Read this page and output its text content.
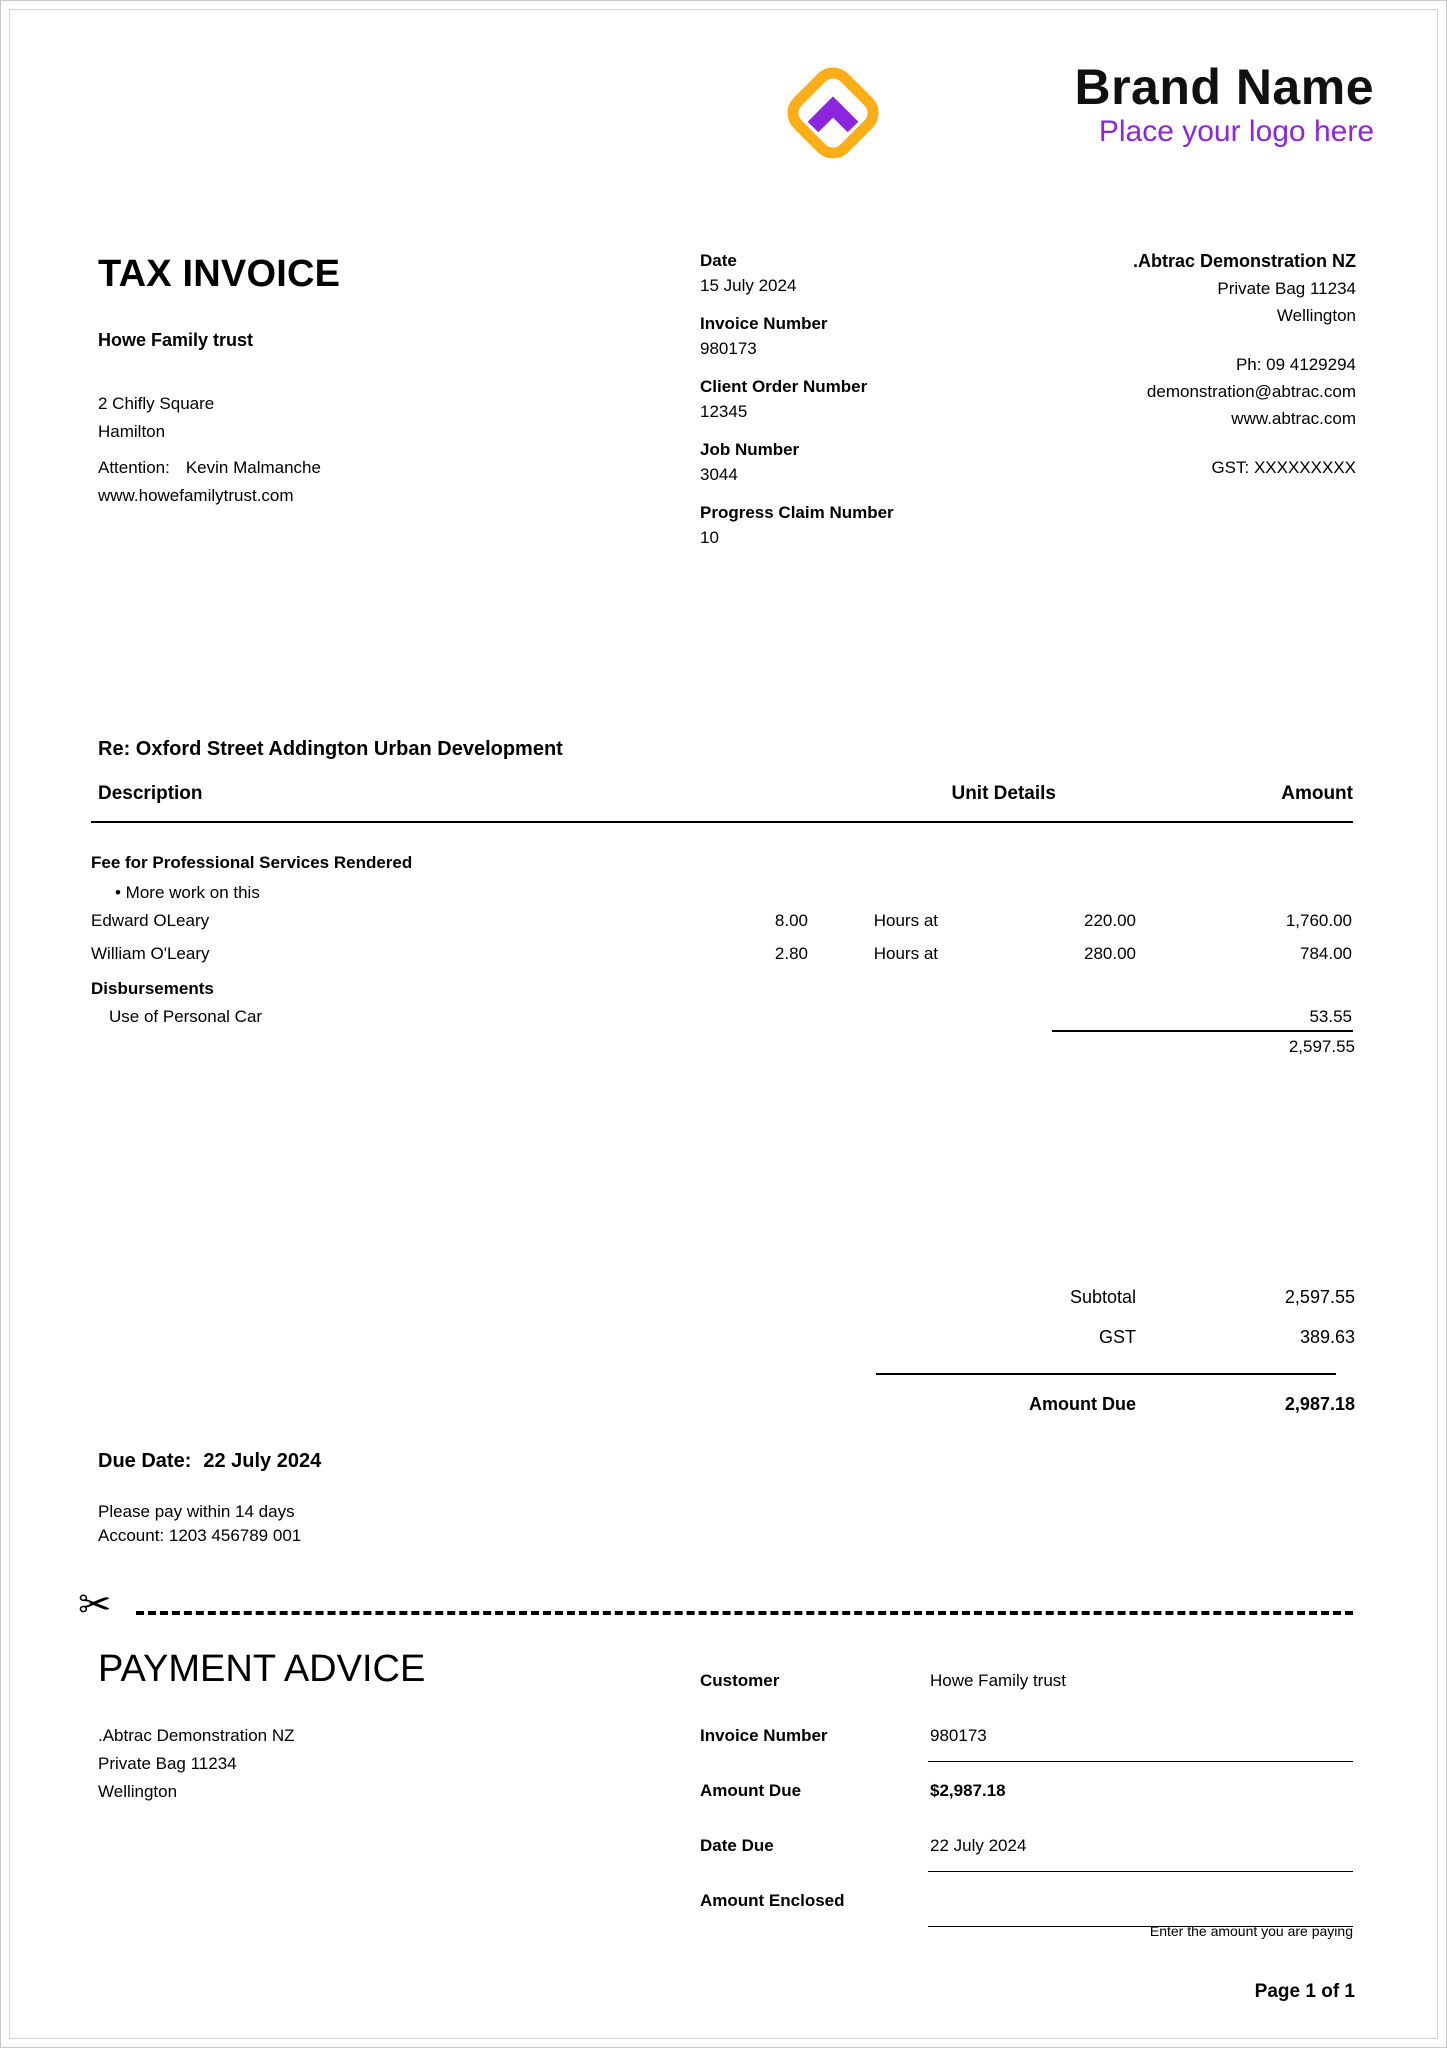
Brand Name
Place your logo here
TAX INVOICE
Howe Family trust
2 Chifly Square
Hamilton
Attention: Kevin Malmanche
www.howefamilytrust.com
Date
15 July 2024
Invoice Number
980173
Client Order Number
12345
Job Number
3044
Progress Claim Number
10
.Abtrac Demonstration NZ
Private Bag 11234
Wellington
Ph: 09 4129294
demonstration@abtrac.com
www.abtrac.com
GST: XXXXXXXXX
Re: Oxford Street Addington Urban Development
Description	Unit Details	Amount
Fee for Professional Services Rendered
• More work on this
Edward OLeary	8.00	Hours at	220.00	1,760.00
William O'Leary	2.80	Hours at	280.00	784.00
Disbursements
Use of Personal Car	53.55
2,597.55
Subtotal	2,597.55
GST	389.63
Amount Due	2,987.18
Due Date: 22 July 2024
Please pay within 14 days
Account: 1203 456789 001
✂
PAYMENT ADVICE
.Abtrac Demonstration NZ
Private Bag 11234
Wellington
Customer	Howe Family trust
Invoice Number	980173
Amount Due	$2,987.18
Date Due	22 July 2024
Amount Enclosed
Enter the amount you are paying
Page 1 of 1
